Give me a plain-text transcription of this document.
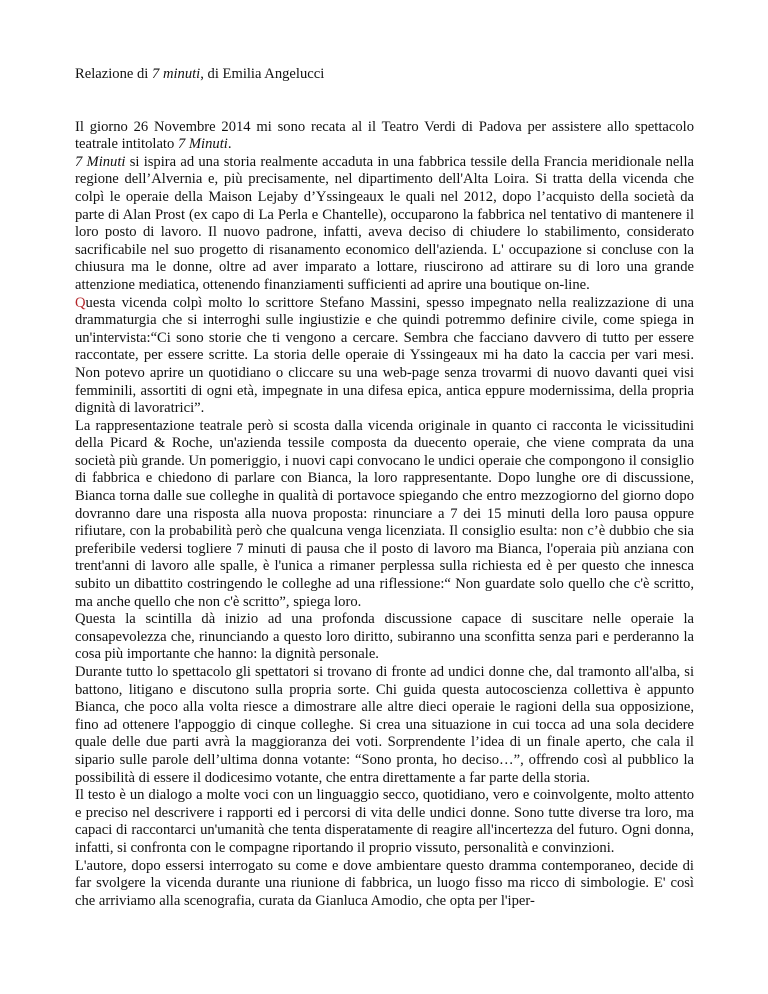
Relazione di 7 minuti, di Emilia Angelucci

Il giorno 26 Novembre 2014 mi sono recata al il Teatro Verdi di Padova per assistere allo spettacolo teatrale intitolato 7 Minuti.

7 Minuti si ispira ad una storia realmente accaduta in una fabbrica tessile della Francia meridionale nella regione dell’Alvernia e, più precisamente, nel dipartimento dell'Alta Loira. Si tratta della vicenda che colpì le operaie della Maison Lejaby d’Yssingeaux le quali nel 2012, dopo l’acquisto della società da parte di Alan Prost (ex capo di La Perla e Chantelle), occuparono la fabbrica nel tentativo di mantenere il loro posto di lavoro. Il nuovo padrone, infatti, aveva deciso di chiudere lo stabilimento, considerato sacrificabile nel suo progetto di risanamento economico dell'azienda. L' occupazione si concluse con la chiusura ma le donne, oltre ad aver imparato a lottare, riuscirono ad attirare su di loro una grande attenzione mediatica, ottenendo finanziamenti sufficienti ad aprire una boutique on-line.

Questa vicenda colpì molto lo scrittore Stefano Massini, spesso impegnato nella realizzazione di una drammaturgia che si interroghi sulle ingiustizie e che quindi potremmo definire civile, come spiega in un'intervista:“Ci sono storie che ti vengono a cercare. Sembra che facciano davvero di tutto per essere raccontate, per essere scritte. La storia delle operaie di Yssingeaux mi ha dato la caccia per vari mesi. Non potevo aprire un quotidiano o cliccare su una web-page senza trovarmi di nuovo davanti quei visi femminili, assortiti di ogni età, impegnate in una difesa epica, antica eppure modernissima, della propria dignità di lavoratrici”.

La rappresentazione teatrale però si scosta dalla vicenda originale in quanto ci racconta le vicissitudini della Picard & Roche, un'azienda tessile composta da duecento operaie, che viene comprata da una società più grande. Un pomeriggio, i nuovi capi convocano le undici operaie che compongono il consiglio di fabbrica e chiedono di parlare con Bianca, la loro rappresentante. Dopo lunghe ore di discussione, Bianca torna dalle sue colleghe in qualità di portavoce spiegando che entro mezzogiorno del giorno dopo dovranno dare una risposta alla nuova proposta: rinunciare a 7 dei 15 minuti della loro pausa oppure rifiutare, con la probabilità però che qualcuna venga licenziata. Il consiglio esulta: non c’è dubbio che sia preferibile vedersi togliere 7 minuti di pausa che il posto di lavoro ma Bianca, l'operaia più anziana con trent'anni di lavoro alle spalle, è l'unica a rimaner perplessa sulla richiesta ed è per questo che innesca subito un dibattito costringendo le colleghe ad una riflessione:“ Non guardate solo quello che c'è scritto, ma anche quello che non c'è scritto”, spiega loro.

Questa la scintilla dà inizio ad una profonda discussione capace di suscitare nelle operaie la consapevolezza che, rinunciando a questo loro diritto, subiranno una sconfitta senza pari e perderanno la cosa più importante che hanno: la dignità personale.

Durante tutto lo spettacolo gli spettatori si trovano di fronte ad undici donne che, dal tramonto all'alba, si battono, litigano e discutono sulla propria sorte. Chi guida questa autocoscienza collettiva è appunto Bianca, che poco alla volta riesce a dimostrare alle altre dieci operaie le ragioni della sua opposizione, fino ad ottenere l'appoggio di cinque colleghe. Si crea una situazione in cui tocca ad una sola decidere quale delle due parti avrà la maggioranza dei voti. Sorprendente l’idea di un finale aperto, che cala il sipario sulle parole dell’ultima donna votante: “Sono pronta, ho deciso…”, offrendo così al pubblico la possibilità di essere il dodicesimo votante, che entra direttamente a far parte della storia.

Il testo è un dialogo a molte voci con un linguaggio secco, quotidiano, vero e coinvolgente, molto attento e preciso nel descrivere i rapporti ed i percorsi di vita delle undici donne. Sono tutte diverse tra loro, ma capaci di raccontarci un'umanità che tenta disperatamente di reagire all'incertezza del futuro. Ogni donna, infatti, si confronta con le compagne riportando il proprio vissuto, personalità e convinzioni.

L'autore, dopo essersi interrogato su come e dove ambientare questo dramma contemporaneo, decide di far svolgere la vicenda durante una riunione di fabbrica, un luogo fisso ma ricco di simbologie. E' così che arriviamo alla scenografia, curata da Gianluca Amodio, che opta per l'iper-
